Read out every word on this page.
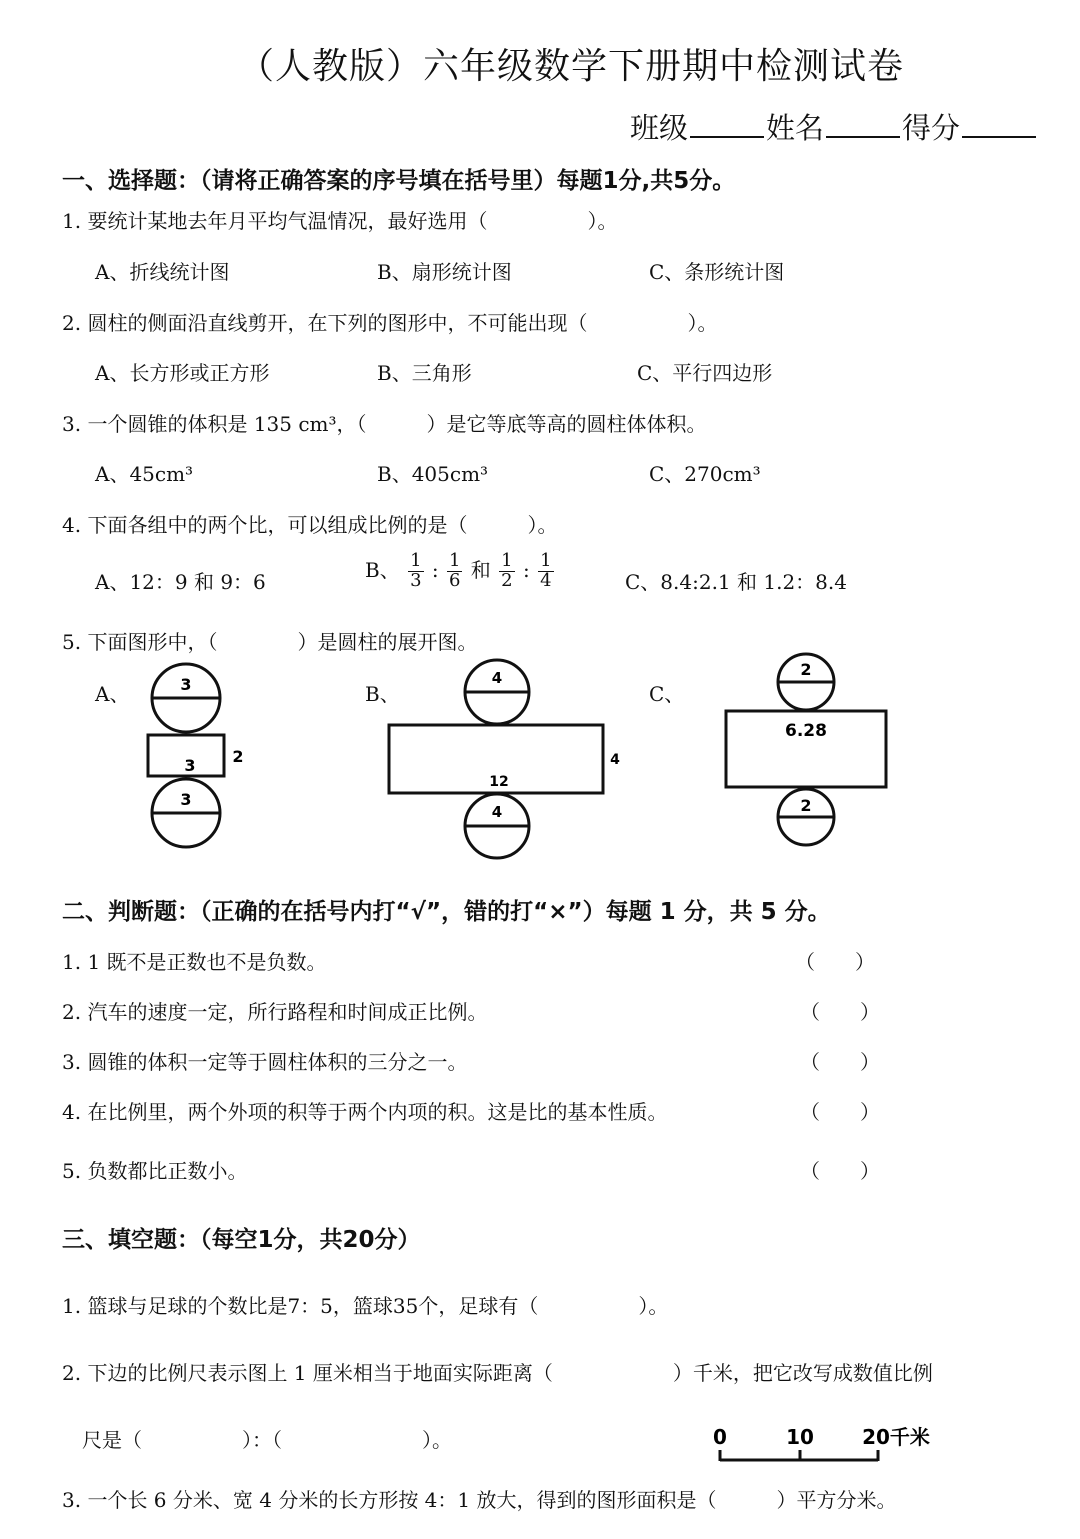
（人教版）六年级数学下册期中检测试卷
班级	姓名	得分
一、选择题：（请将正确答案的序号填在括号里）每题1分,共5分。
1. 要统计某地去年月平均气温情况，最好选用（　　　　　）。
A、折线统计图	B、扇形统计图	C、条形统计图
2. 圆柱的侧面沿直线剪开，在下列的图形中，不可能出现（　　　　　）。
A、长方形或正方形	B、三角形	C、平行四边形
3. 一个圆锥的体积是 135 cm³，（　　　）是它等底等高的圆柱体体积。
A、45cm³	B、405cm³	C、270cm³
4. 下面各组中的两个比，可以组成比例的是（　　　）。
A、12：9 和 9：6
B、 $\frac{1}{3}$ : $\frac{1}{6}$ 和 $\frac{1}{2}$ : $\frac{1}{4}$	C、8.4:2.1 和 1.2：8.4
5. 下面图形中，（　　　　）是圆柱的展开图。
A、	B、	C、
3
3 2
3
4
12
4
4
2
6.28
2
二、判断题：（正确的在括号内打“√”，错的打“×”）每题 1 分，共 5 分。
1. 1 既不是正数也不是负数。	（　　）
2. 汽车的速度一定，所行路程和时间成正比例。	（　　）
3. 圆锥的体积一定等于圆柱体积的三分之一。	（　　）
4. 在比例里，两个外项的积等于两个内项的积。这是比的基本性质。	（　　）
5. 负数都比正数小。	（　　）
三、填空题：（每空1分，共20分）
1. 篮球与足球的个数比是7：5，篮球35个，足球有（　　　　　）。
2. 下边的比例尺表示图上 1 厘米相当于地面实际距离（　　　　　　）千米，把它改写成数值比例
尺是（　　　　　）：（　　　　　　　）。	0	10 20千米
3. 一个长 6 分米、宽 4 分米的长方形按 4：1 放大，得到的图形面积是（　　　）平方分米。
